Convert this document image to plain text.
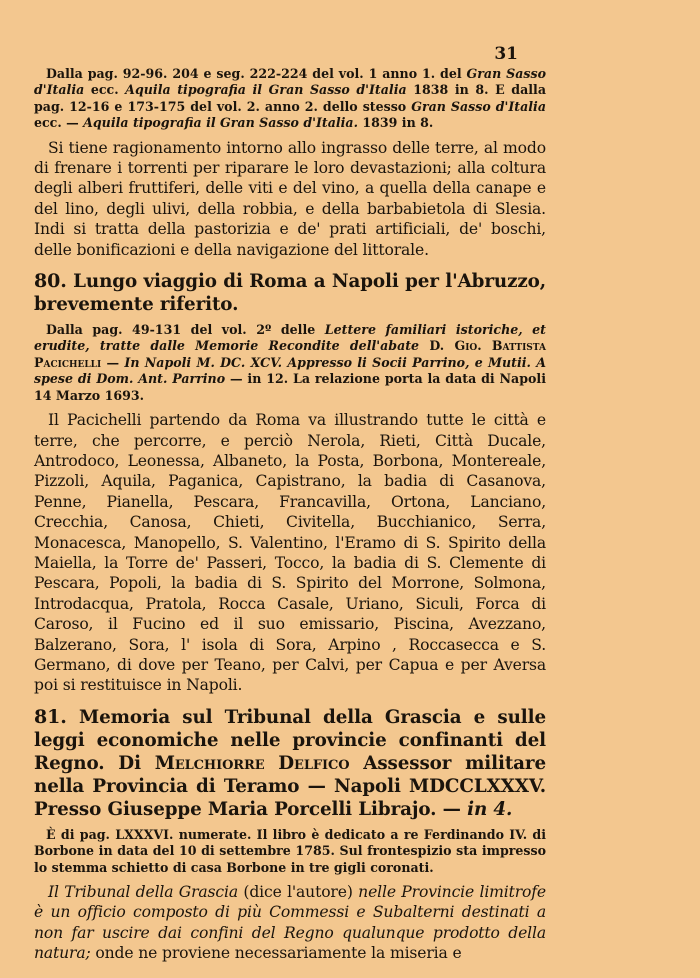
31

Dalla pag. 92-96. 204 e seg. 222-224 del vol. 1 anno 1. del Gran Sasso d'Italia ecc. Aquila tipografia il Gran Sasso d'Italia 1838 in 8. E dalla pag. 12-16 e 173-175 del vol. 2. anno 2. dello stesso Gran Sasso d'Italia ecc. — Aquila tipografia il Gran Sasso d'Italia. 1839 in 8.

Si tiene ragionamento intorno allo ingrasso delle terre, al modo di frenare i torrenti per riparare le loro devastazioni; alla coltura degli alberi fruttiferi, delle viti e del vino, a quella della canape e del lino, degli ulivi, della robbia, e della barbabietola di Slesia. Indi si tratta della pastorizia e de' prati artificiali, de' boschi, delle bonificazioni e della navigazione del littorale.

80. Lungo viaggio di Roma a Napoli per l'Abruzzo, brevemente riferito.

Dalla pag. 49-131 del vol. 2º delle Lettere familiari istoriche, et erudite, tratte dalle Memorie Recondite dell'abate D. Gio. Battista Pacichelli — In Napoli M. DC. XCV. Appresso li Socii Parrino, e Mutii. A spese di Dom. Ant. Parrino — in 12. La relazione porta la data di Napoli 14 Marzo 1693.

Il Pacichelli partendo da Roma va illustrando tutte le città e terre, che percorre, e perciò Nerola, Rieti, Città Ducale, Antrodoco, Leonessa, Albaneto, la Posta, Borbona, Montereale, Pizzoli, Aquila, Paganica, Capistrano, la badia di Casanova, Penne, Pianella, Pescara, Francavilla, Ortona, Lanciano, Crecchia, Canosa, Chieti, Civitella, Bucchianico, Serra, Monacesca, Manopello, S. Valentino, l'Eramo di S. Spirito della Maiella, la Torre de' Passeri, Tocco, la badia di S. Clemente di Pescara, Popoli, la badia di S. Spirito del Morrone, Solmona, Introdacqua, Pratola, Rocca Casale, Uriano, Siculi, Forca di Caroso, il Fucino ed il suo emissario, Piscina, Avezzano, Balzerano, Sora, l' isola di Sora, Arpino , Roccasecca e S. Germano, di dove per Teano, per Calvi, per Capua e per Aversa poi si restituisce in Napoli.

81. Memoria sul Tribunal della Grascia e sulle leggi economiche nelle provincie confinanti del Regno. Di Melchiorre Delfico Assessor militare nella Provincia di Teramo — Napoli MDCCLXXXV. Presso Giuseppe Maria Porcelli Librajo. — in 4.

È di pag. LXXXVI. numerate. Il libro è dedicato a re Ferdinando IV. di Borbone in data del 10 di settembre 1785. Sul frontespizio sta impresso lo stemma schietto di casa Borbone in tre gigli coronati.

Il Tribunal della Grascia (dice l'autore) nelle Provincie limitrofe è un officio composto di più Commessi e Subalterni destinati a non far uscire dai confini del Regno qualunque prodotto della natura; onde ne proviene necessariamente la miseria e
